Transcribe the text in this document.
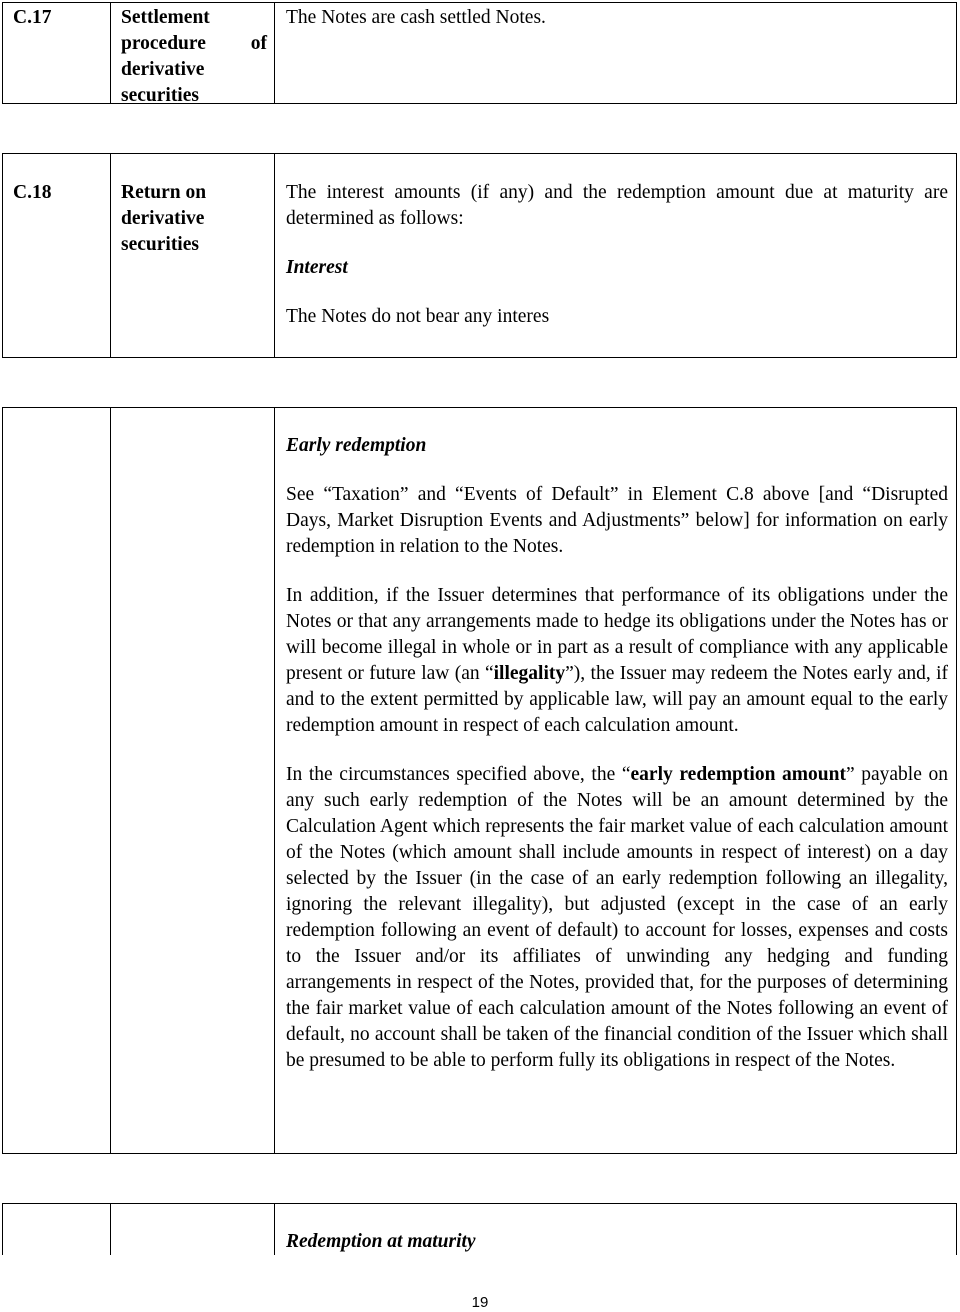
C.17	Settlement
procedure of
derivative
securities
The Notes are cash settled Notes.
C.18	Return on
derivative
securities

The interest amounts (if any) and the redemption amount due at maturity are determined as follows:

Interest

The Notes do not bear any interes

Early redemption

See “Taxation” and “Events of Default” in Element C.8 above [and “Disrupted Days, Market Disruption Events and Adjustments” below] for information on early redemption in relation to the Notes.

In addition, if the Issuer determines that performance of its obligations under the Notes or that any arrangements made to hedge its obligations under the Notes has or will become illegal in whole or in part as a result of compliance with any applicable present or future law (an “illegality”), the Issuer may redeem the Notes early and, if and to the extent permitted by applicable law, will pay an amount equal to the early redemption amount in respect of each calculation amount.

In the circumstances specified above, the “early redemption amount” payable on any such early redemption of the Notes will be an amount determined by the Calculation Agent which represents the fair market value of each calculation amount of the Notes (which amount shall include amounts in respect of interest) on a day selected by the Issuer (in the case of an early redemption following an illegality, ignoring the relevant illegality), but adjusted (except in the case of an early redemption following an event of default) to account for losses, expenses and costs to the Issuer and/or its affiliates of unwinding any hedging and funding arrangements in respect of the Notes, provided that, for the purposes of determining the fair market value of each calculation amount of the Notes following an event of default, no account shall be taken of the financial condition of the Issuer which shall be presumed to be able to perform fully its obligations in respect of the Notes.

Redemption at maturity

19
